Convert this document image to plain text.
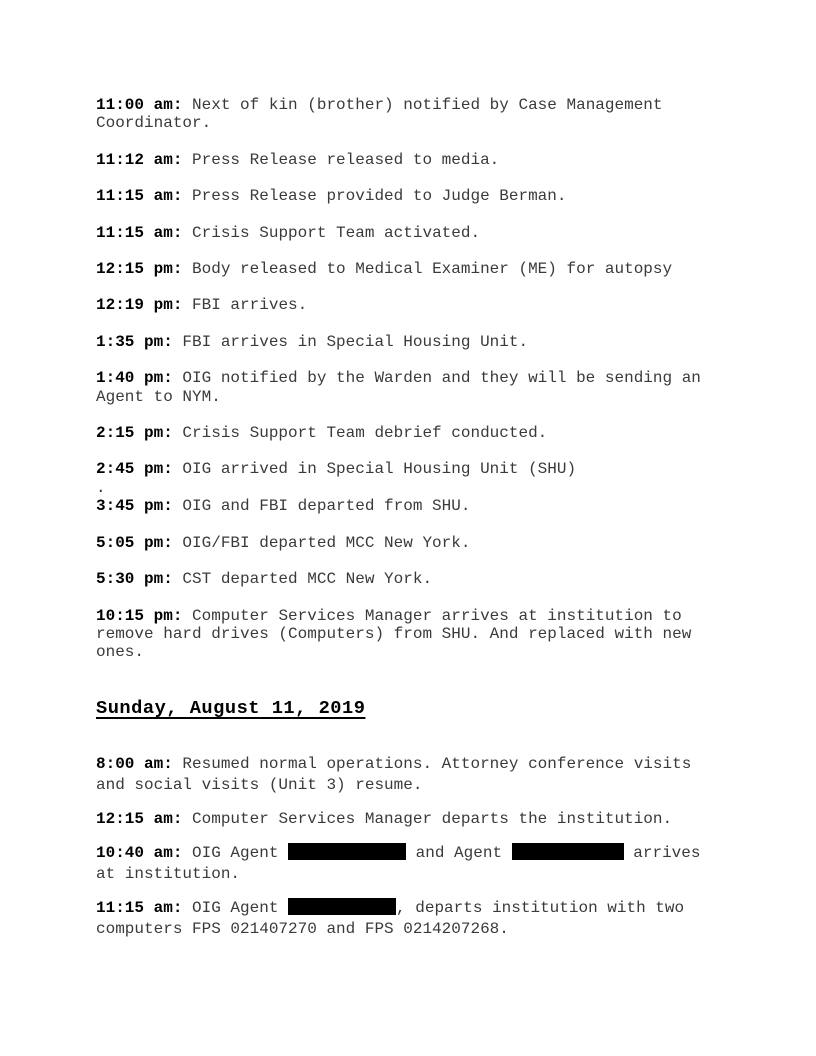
11:00 am: Next of kin (brother) notified by Case Management Coordinator.

11:12 am: Press Release released to media.

11:15 am: Press Release provided to Judge Berman.

11:15 am: Crisis Support Team activated.

12:15 pm: Body released to Medical Examiner (ME) for autopsy

12:19 pm: FBI arrives.

1:35 pm: FBI arrives in Special Housing Unit.

1:40 pm: OIG notified by the Warden and they will be sending an Agent to NYM.

2:15 pm: Crisis Support Team debrief conducted.

2:45 pm: OIG arrived in Special Housing Unit (SHU)
.

3:45 pm: OIG and FBI departed from SHU.

5:05 pm: OIG/FBI departed MCC New York.

5:30 pm: CST departed MCC New York.

10:15 pm: Computer Services Manager arrives at institution to remove hard drives (Computers) from SHU. And replaced with new ones.

Sunday, August 11, 2019

8:00 am: Resumed normal operations. Attorney conference visits and social visits (Unit 3) resume.

12:15 am: Computer Services Manager departs the institution.

10:40 am: OIG Agent	and Agent	arrives at institution.

11:15 am: OIG Agent	, departs institution with two computers FPS 021407270 and FPS 0214207268.
